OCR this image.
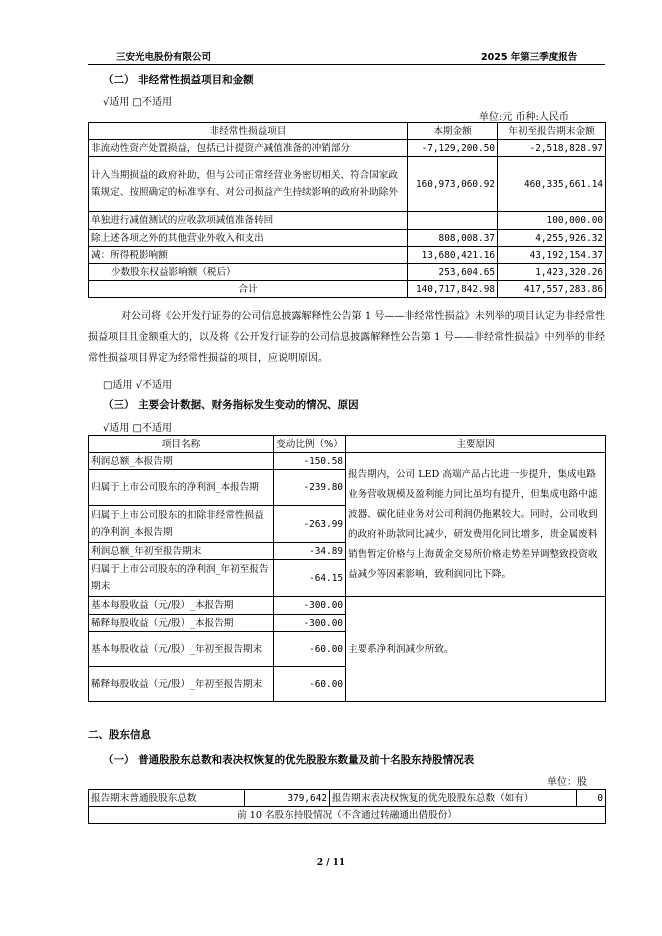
三安光电股份有限公司	2025 年第三季度报告
（二） 非经常性损益项目和金额
√适用 □不适用
单位:元 币种:人民币
非经常性损益项目	本期金额	年初至报告期末金额
非流动性资产处置损益，包括已计提资产减值准备的冲销部分	-7,129,200.50	-2,518,828.97
计入当期损益的政府补助，但与公司正常经营业务密切相关、符合国家政策规定、按照确定的标准享有、对公司损益产生持续影响的政府补助除外	160,973,060.92	460,335,661.14
单独进行减值测试的应收款项减值准备转回		100,000.00
除上述各项之外的其他营业外收入和支出	808,008.37	4,255,926.32
减：所得税影响额	13,680,421.16	43,192,154.37
少数股东权益影响额（税后）	253,604.65	1,423,320.26
合计	140,717,842.98	417,557,283.86
对公司将《公开发行证券的公司信息披露解释性公告第 1 号——非经常性损益》未列举的项目认定为非经常性损益项目且金额重大的，以及将《公开发行证券的公司信息披露解释性公告第 1 号——非经常性损益》中列举的非经常性损益项目界定为经常性损益的项目，应说明原因。
□适用 √不适用
（三） 主要会计数据、财务指标发生变动的情况、原因
√适用 □不适用
项目名称	变动比例（%）	主要原因
利润总额_本报告期	-150.58	报告期内，公司 LED 高端产品占比进一步提升，集成电路业务营收规模及盈利能力同比虽均有提升，但集成电路中滤波器、碳化硅业务对公司利润仍拖累较大。同时，公司收到的政府补助款同比减少，研发费用化同比增多，贵金属废料销售暂定价格与上海黄金交易所价格走势差异调整致投资收益减少等因素影响，致利润同比下降。
归属于上市公司股东的净利润_本报告期	-239.80	
归属于上市公司股东的扣除非经常性损益的净利润_本报告期	-263.99	
利润总额_年初至报告期末	-34.89	
归属于上市公司股东的净利润_年初至报告期末	-64.15	
基本每股收益（元/股）_本报告期	-300.00	主要系净利润减少所致。
稀释每股收益（元/股）_本报告期	-300.00	
基本每股收益（元/股）_年初至报告期末	-60.00	
稀释每股收益（元/股）_年初至报告期末	-60.00	
二、股东信息
（一） 普通股股东总数和表决权恢复的优先股股东数量及前十名股东持股情况表
单位：股
报告期末普通股股东总数	379,642	报告期末表决权恢复的优先股股东总数（如有）	0
前 10 名股东持股情况（不含通过转融通出借股份）
2 / 11
